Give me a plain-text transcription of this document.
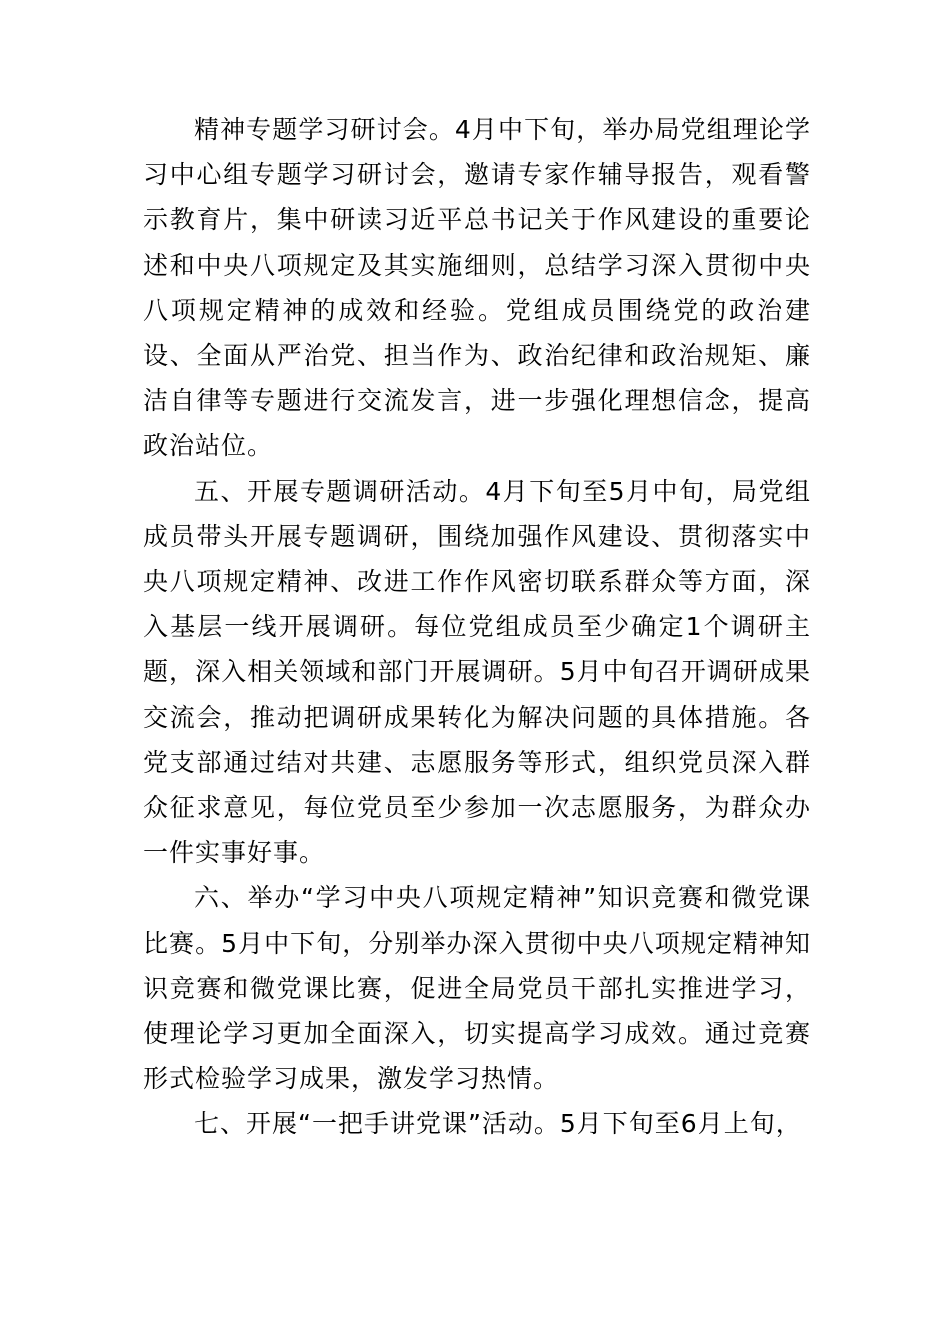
精神专题学习研讨会。4月中下旬，举办局党组理论学习中心组专题学习研讨会，邀请专家作辅导报告，观看警示教育片，集中研读习近平总书记关于作风建设的重要论述和中央八项规定及其实施细则，总结学习深入贯彻中央八项规定精神的成效和经验。党组成员围绕党的政治建设、全面从严治党、担当作为、政治纪律和政治规矩、廉洁自律等专题进行交流发言，进一步强化理想信念，提高政治站位。

五、开展专题调研活动。4月下旬至5月中旬，局党组成员带头开展专题调研，围绕加强作风建设、贯彻落实中央八项规定精神、改进工作作风密切联系群众等方面，深入基层一线开展调研。每位党组成员至少确定1个调研主题，深入相关领域和部门开展调研。5月中旬召开调研成果交流会，推动把调研成果转化为解决问题的具体措施。各党支部通过结对共建、志愿服务等形式，组织党员深入群众征求意见，每位党员至少参加一次志愿服务，为群众办一件实事好事。

六、举办“学习中央八项规定精神”知识竞赛和微党课比赛。5月中下旬，分别举办深入贯彻中央八项规定精神知识竞赛和微党课比赛，促进全局党员干部扎实推进学习，使理论学习更加全面深入，切实提高学习成效。通过竞赛形式检验学习成果，激发学习热情。

七、开展“一把手讲党课”活动。5月下旬至6月上旬，
